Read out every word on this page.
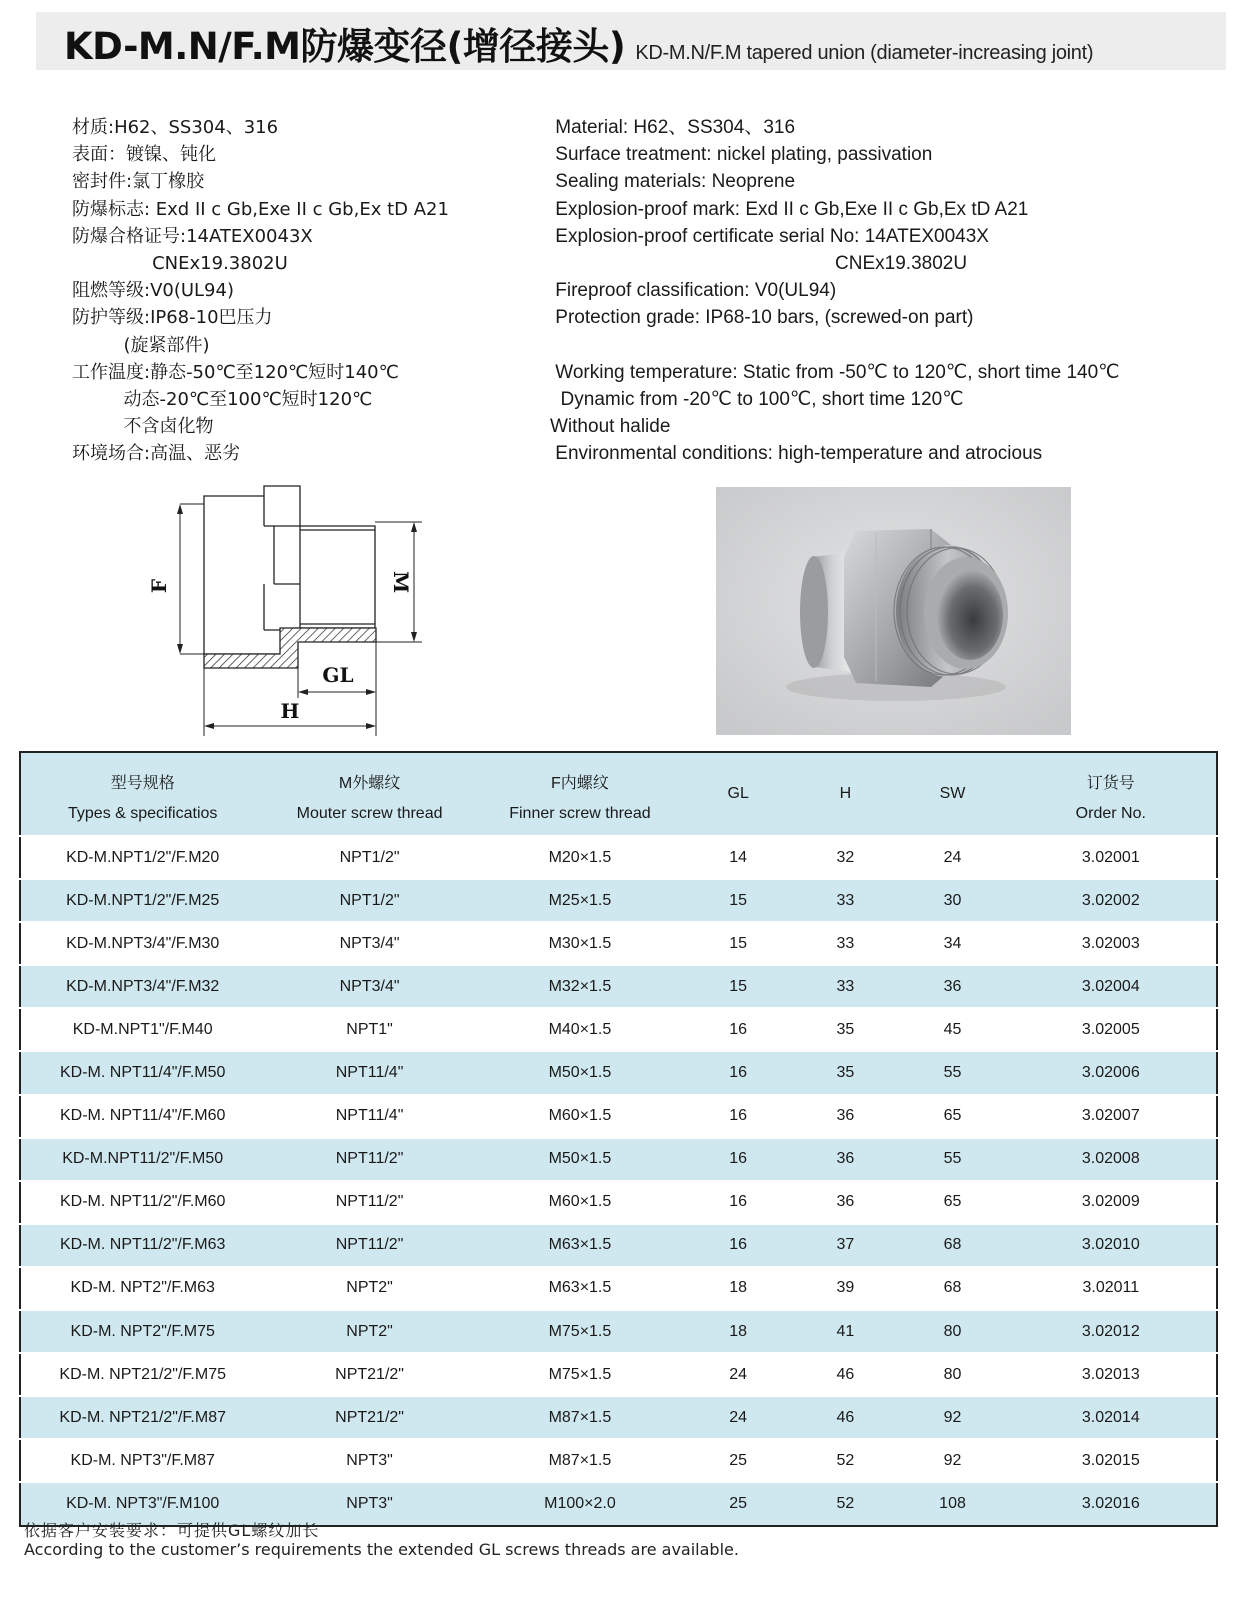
KD-M.N/F.M防爆变径(增径接头) KD-M.N/F.M tapered union (diameter-increasing joint)
材质:H62、SS304、316
表面：镀镍、钝化
密封件:氯丁橡胶
防爆标志: Exd II c Gb,Exe II c Gb,Ex tD A21
防爆合格证号:14ATEX0043X
CNEx19.3802U
阻燃等级:V0(UL94)
防护等级:IP68-10巴压力
(旋紧部件)
工作温度:静态-50℃至120℃短时140℃
动态-20℃至100℃短时120℃
不含卤化物
环境场合:高温、恶劣
Material: H62、SS304、316
Surface treatment: nickel plating, passivation
Sealing materials: Neoprene
Explosion-proof mark: Exd II c Gb,Exe II c Gb,Ex tD A21
Explosion-proof certificate serial No: 14ATEX0043X
CNEx19.3802U
Fireproof classification: V0(UL94)
Protection grade: IP68-10 bars, (screwed-on part)
Working temperature: Static from -50℃ to 120℃, short time 140℃
Dynamic from -20℃ to 100℃, short time 120℃
Without halide
Environmental conditions: high-temperature and atrocious
F	M
GL
H
型号规格	M外螺纹	F内螺纹	GL	H	SW	订货号
Types & specificatios	Mouter screw thread	Finner screw thread				Order No.
KD-M.NPT1/2"/F.M20	NPT1/2"	M20×1.5	14	32	24	3.02001
KD-M.NPT1/2"/F.M25	NPT1/2"	M25×1.5	15	33	30	3.02002
KD-M.NPT3/4"/F.M30	NPT3/4"	M30×1.5	15	33	34	3.02003
KD-M.NPT3/4"/F.M32	NPT3/4"	M32×1.5	15	33	36	3.02004
KD-M.NPT1"/F.M40	NPT1"	M40×1.5	16	35	45	3.02005
KD-M. NPT11/4"/F.M50	NPT11/4"	M50×1.5	16	35	55	3.02006
KD-M. NPT11/4"/F.M60	NPT11/4"	M60×1.5	16	36	65	3.02007
KD-M.NPT11/2"/F.M50	NPT11/2"	M50×1.5	16	36	55	3.02008
KD-M. NPT11/2"/F.M60	NPT11/2"	M60×1.5	16	36	65	3.02009
KD-M. NPT11/2"/F.M63	NPT11/2"	M63×1.5	16	37	68	3.02010
KD-M. NPT2"/F.M63	NPT2"	M63×1.5	18	39	68	3.02011
KD-M. NPT2"/F.M75	NPT2"	M75×1.5	18	41	80	3.02012
KD-M. NPT21/2"/F.M75	NPT21/2"	M75×1.5	24	46	80	3.02013
KD-M. NPT21/2"/F.M87	NPT21/2"	M87×1.5	24	46	92	3.02014
KD-M. NPT3"/F.M87	NPT3"	M87×1.5	25	52	92	3.02015
KD-M. NPT3"/F.M100	NPT3"	M100×2.0	25	52	108	3.02016
依据客户安装要求：可提供GL螺纹加长
According to the customer’s requirements the extended GL screws threads are available.
